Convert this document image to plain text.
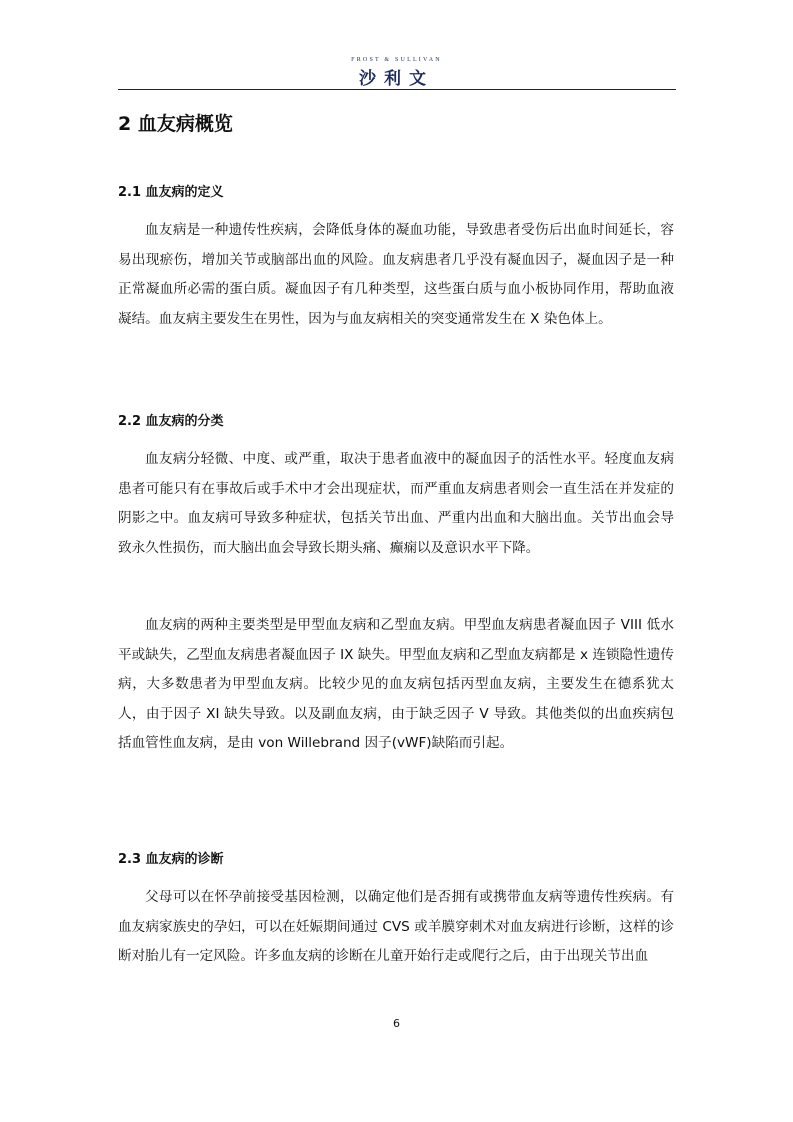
FROST & SULLIVAN
沙利文
2 血友病概览
2.1 血友病的定义

血友病是一种遗传性疾病，会降低身体的凝血功能，导致患者受伤后出血时间延长，容易出现瘀伤，增加关节或脑部出血的风险。血友病患者几乎没有凝血因子，凝血因子是一种正常凝血所必需的蛋白质。凝血因子有几种类型，这些蛋白质与血小板协同作用，帮助血液凝结。血友病主要发生在男性，因为与血友病相关的突变通常发生在 X 染色体上。

2.2 血友病的分类

血友病分轻微、中度、或严重，取决于患者血液中的凝血因子的活性水平。轻度血友病患者可能只有在事故后或手术中才会出现症状，而严重血友病患者则会一直生活在并发症的阴影之中。血友病可导致多种症状，包括关节出血、严重内出血和大脑出血。关节出血会导致永久性损伤，而大脑出血会导致长期头痛、癫痫以及意识水平下降。

血友病的两种主要类型是甲型血友病和乙型血友病。甲型血友病患者凝血因子 VIII 低水平或缺失，乙型血友病患者凝血因子 IX 缺失。甲型血友病和乙型血友病都是 x 连锁隐性遗传病，大多数患者为甲型血友病。比较少见的血友病包括丙型血友病，主要发生在德系犹太人，由于因子 XI 缺失导致。以及副血友病，由于缺乏因子 V 导致。其他类似的出血疾病包括血管性血友病，是由 von Willebrand 因子(vWF)缺陷而引起。

2.3 血友病的诊断

父母可以在怀孕前接受基因检测，以确定他们是否拥有或携带血友病等遗传性疾病。有血友病家族史的孕妇，可以在妊娠期间通过 CVS 或羊膜穿刺术对血友病进行诊断，这样的诊断对胎儿有一定风险。许多血友病的诊断在儿童开始行走或爬行之后，由于出现关节出血

6
